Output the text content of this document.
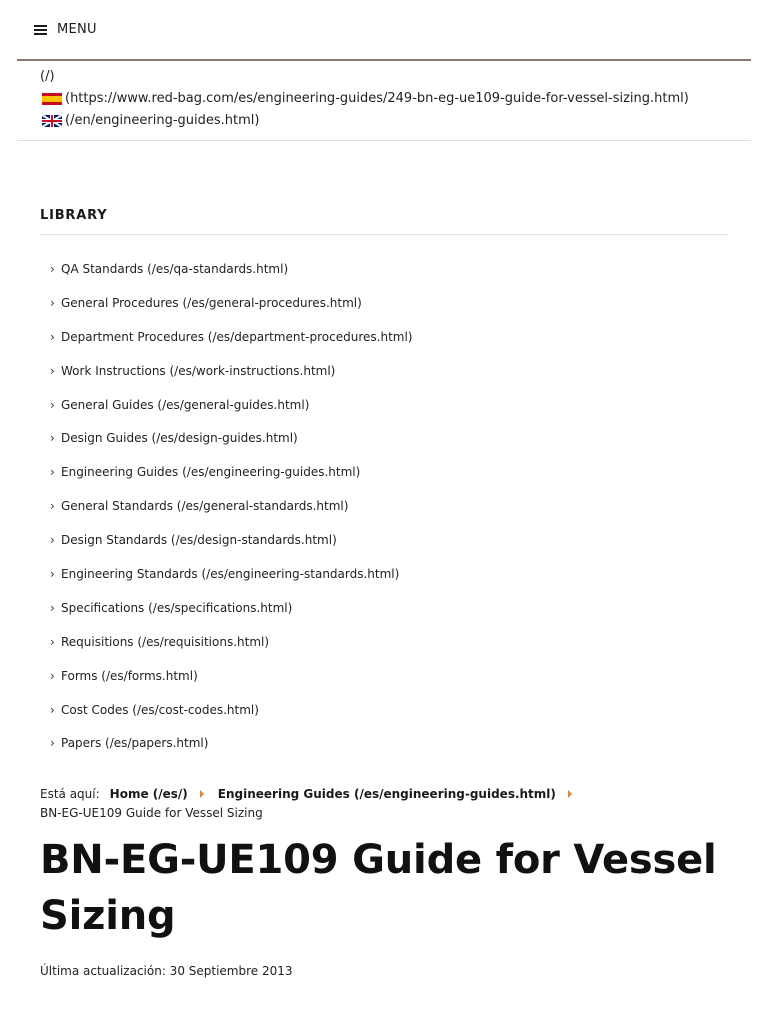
MENU
(/)
(https://www.red-bag.com/es/engineering-guides/249-bn-eg-ue109-guide-for-vessel-sizing.html)
(/en/engineering-guides.html)
LIBRARY
› QA Standards (/es/qa-standards.html)
› General Procedures (/es/general-procedures.html)
› Department Procedures (/es/department-procedures.html)
› Work Instructions (/es/work-instructions.html)
› General Guides (/es/general-guides.html)
› Design Guides (/es/design-guides.html)
› Engineering Guides (/es/engineering-guides.html)
› General Standards (/es/general-standards.html)
› Design Standards (/es/design-standards.html)
› Engineering Standards (/es/engineering-standards.html)
› Specifications (/es/specifications.html)
› Requisitions (/es/requisitions.html)
› Forms (/es/forms.html)
› Cost Codes (/es/cost-codes.html)
› Papers (/es/papers.html)
Está aquí: Home (/es/)	Engineering Guides (/es/engineering-guides.html)
BN-EG-UE109 Guide for Vessel Sizing
BN-EG-UE109 Guide for Vessel Sizing
Última actualización: 30 Septiembre 2013
